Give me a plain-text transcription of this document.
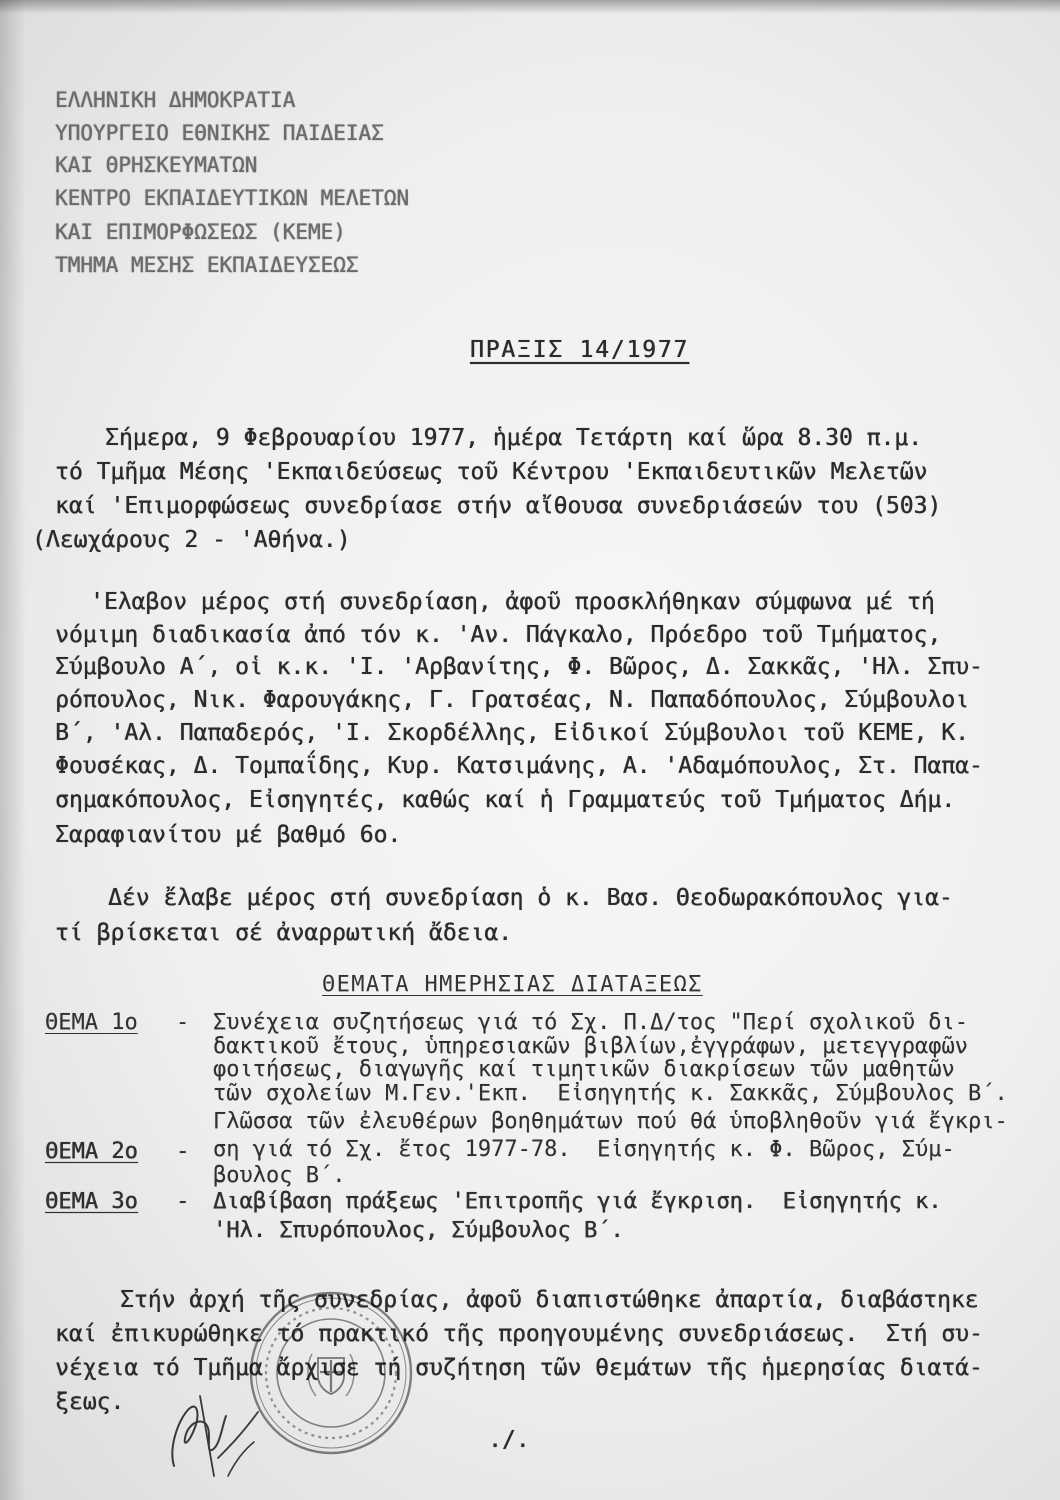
ΕΛΛΗΝΙΚΗ ΔΗΜΟΚΡΑΤΙΑ
ΥΠΟΥΡΓΕΙΟ ΕΘΝΙΚΗΣ ΠΑΙΔΕΙΑΣ
ΚΑΙ ΘΡΗΣΚΕΥΜΑΤΩΝ
ΚΕΝΤΡΟ ΕΚΠΑΙΔΕΥΤΙΚΩΝ ΜΕΛΕΤΩΝ
ΚΑΙ ΕΠΙΜΟΡΦΩΣΕΩΣ (ΚΕΜΕ)
ΤΜΗΜΑ ΜΕΣΗΣ ΕΚΠΑΙΔΕΥΣΕΩΣ
ΠΡΑΞΙΣ 14/1977
Σήμερα, 9 Φεβρουαρίου 1977, ἡμέρα Τετάρτη καί ὥρα 8.30 π.μ.
τό Τμῆμα Μέσης 'Εκπαιδεύσεως τοῦ Κέντρου 'Εκπαιδευτικῶν Μελετῶν
καί 'Επιμορφώσεως συνεδρίασε στήν αἴθουσα συνεδριάσεών του (503)
(Λεωχάρους 2 - 'Αθήνα.)
'Ελαβον μέρος στή συνεδρίαση, ἀφοῦ προσκλήθηκαν σύμφωνα μέ τή
νόμιμη διαδικασία ἀπό τόν κ. 'Αν. Πάγκαλο, Πρόεδρο τοῦ Τμήματος,
Σύμβουλο Α΄, οἱ κ.κ. 'Ι. 'Αρβανίτης, Φ. Βῶρος, Δ. Σακκᾶς, 'Ηλ. Σπυ-
ρόπουλος, Νικ. Φαρουγάκης, Γ. Γρατσέας, Ν. Παπαδόπουλος, Σύμβουλοι
Β΄, 'Αλ. Παπαδερός, 'Ι. Σκορδέλλης, Εἰδικοί Σύμβουλοι τοῦ ΚΕΜΕ, Κ.
Φουσέκας, Δ. Τομπαΐδης, Κυρ. Κατσιμάνης, Α. 'Αδαμόπουλος, Στ. Παπα-
σημακόπουλος, Εἰσηγητές, καθώς καί ἡ Γραμματεύς τοῦ Τμήματος Δήμ.
Σαραφιανίτου μέ βαθμό 6ο.
Δέν ἔλαβε μέρος στή συνεδρίαση ὁ κ. Βασ. Θεοδωρακόπουλος για-
τί βρίσκεται σέ ἀναρρωτική ἄδεια.
ΘΕΜΑΤΑ ΗΜΕΡΗΣΙΑΣ ΔΙΑΤΑΞΕΩΣ
ΘΕΜΑ 1ο - Συνέχεια συζητήσεως γιά τό Σχ. Π.Δ/τος "Περί σχολικοῦ δι-
δακτικοῦ ἔτους, ὑπηρεσιακῶν βιβλίων,ἐγγράφων, μετεγγραφῶν
φοιτήσεως, διαγωγῆς καί τιμητικῶν διακρίσεων τῶν μαθητῶν
τῶν σχολείων Μ.Γεν.'Εκπ.  Εἰσηγητής κ. Σακκᾶς, Σύμβουλος Β΄.
ΘΕΜΑ 2ο -
Γλῶσσα τῶν ἐλευθέρων βοηθημάτων πού θά ὑποβληθοῦν γιά ἔγκρι-
ση γιά τό Σχ. ἔτος 1977-78.  Εἰσηγητής κ. Φ. Βῶρος, Σύμ-
βουλος Β΄.
ΘΕΜΑ 3ο - Διαβίβαση πράξεως 'Επιτροπῆς γιά ἔγκριση.  Εἰσηγητής κ.
'Ηλ. Σπυρόπουλος, Σύμβουλος Β΄.
Στήν ἀρχή τῆς συνεδρίας, ἀφοῦ διαπιστώθηκε ἀπαρτία, διαβάστηκε
καί ἐπικυρώθηκε τό πρακτικό τῆς προηγουμένης συνεδριάσεως.  Στή συ-
νέχεια τό Τμῆμα ἄρχισε τή συζήτηση τῶν θεμάτων τῆς ἡμερησίας διατά-
ξεως.
./.
